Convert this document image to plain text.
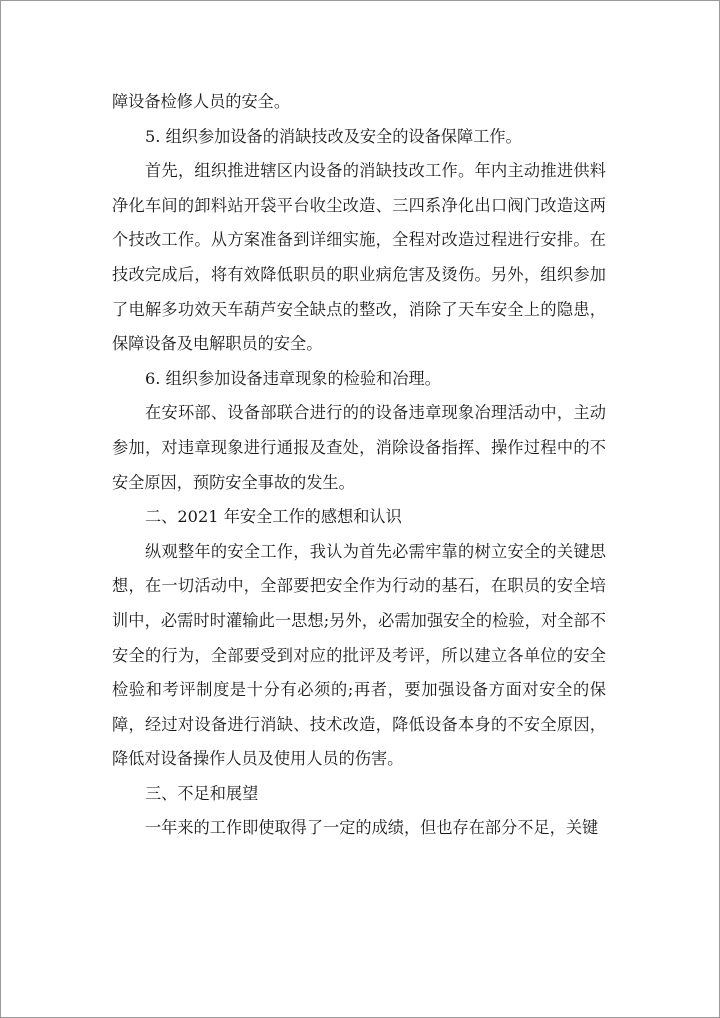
障设备检修人员的安全。

5. 组织参加设备的消缺技改及安全的设备保障工作。

首先，组织推进辖区内设备的消缺技改工作。年内主动推进供料净化车间的卸料站开袋平台收尘改造、三四系净化出口阀门改造这两个技改工作。从方案准备到详细实施，全程对改造过程进行安排。在技改完成后，将有效降低职员的职业病危害及烫伤。另外，组织参加了电解多功效天车葫芦安全缺点的整改，消除了天车安全上的隐患，保障设备及电解职员的安全。

6. 组织参加设备违章现象的检验和冶理。

在安环部、设备部联合进行的的设备违章现象冶理活动中，主动参加，对违章现象进行通报及查处，消除设备指挥、操作过程中的不安全原因，预防安全事故的发生。

二、2021 年安全工作的感想和认识

纵观整年的安全工作，我认为首先必需牢靠的树立安全的关键思想，在一切活动中，全部要把安全作为行动的基石，在职员的安全培训中，必需时时灌输此一思想;另外，必需加强安全的检验，对全部不安全的行为，全部要受到对应的批评及考评，所以建立各单位的安全检验和考评制度是十分有必须的;再者，要加强设备方面对安全的保障，经过对设备进行消缺、技术改造，降低设备本身的不安全原因，降低对设备操作人员及使用人员的伤害。

三、不足和展望

一年来的工作即使取得了一定的成绩，但也存在部分不足，关键
